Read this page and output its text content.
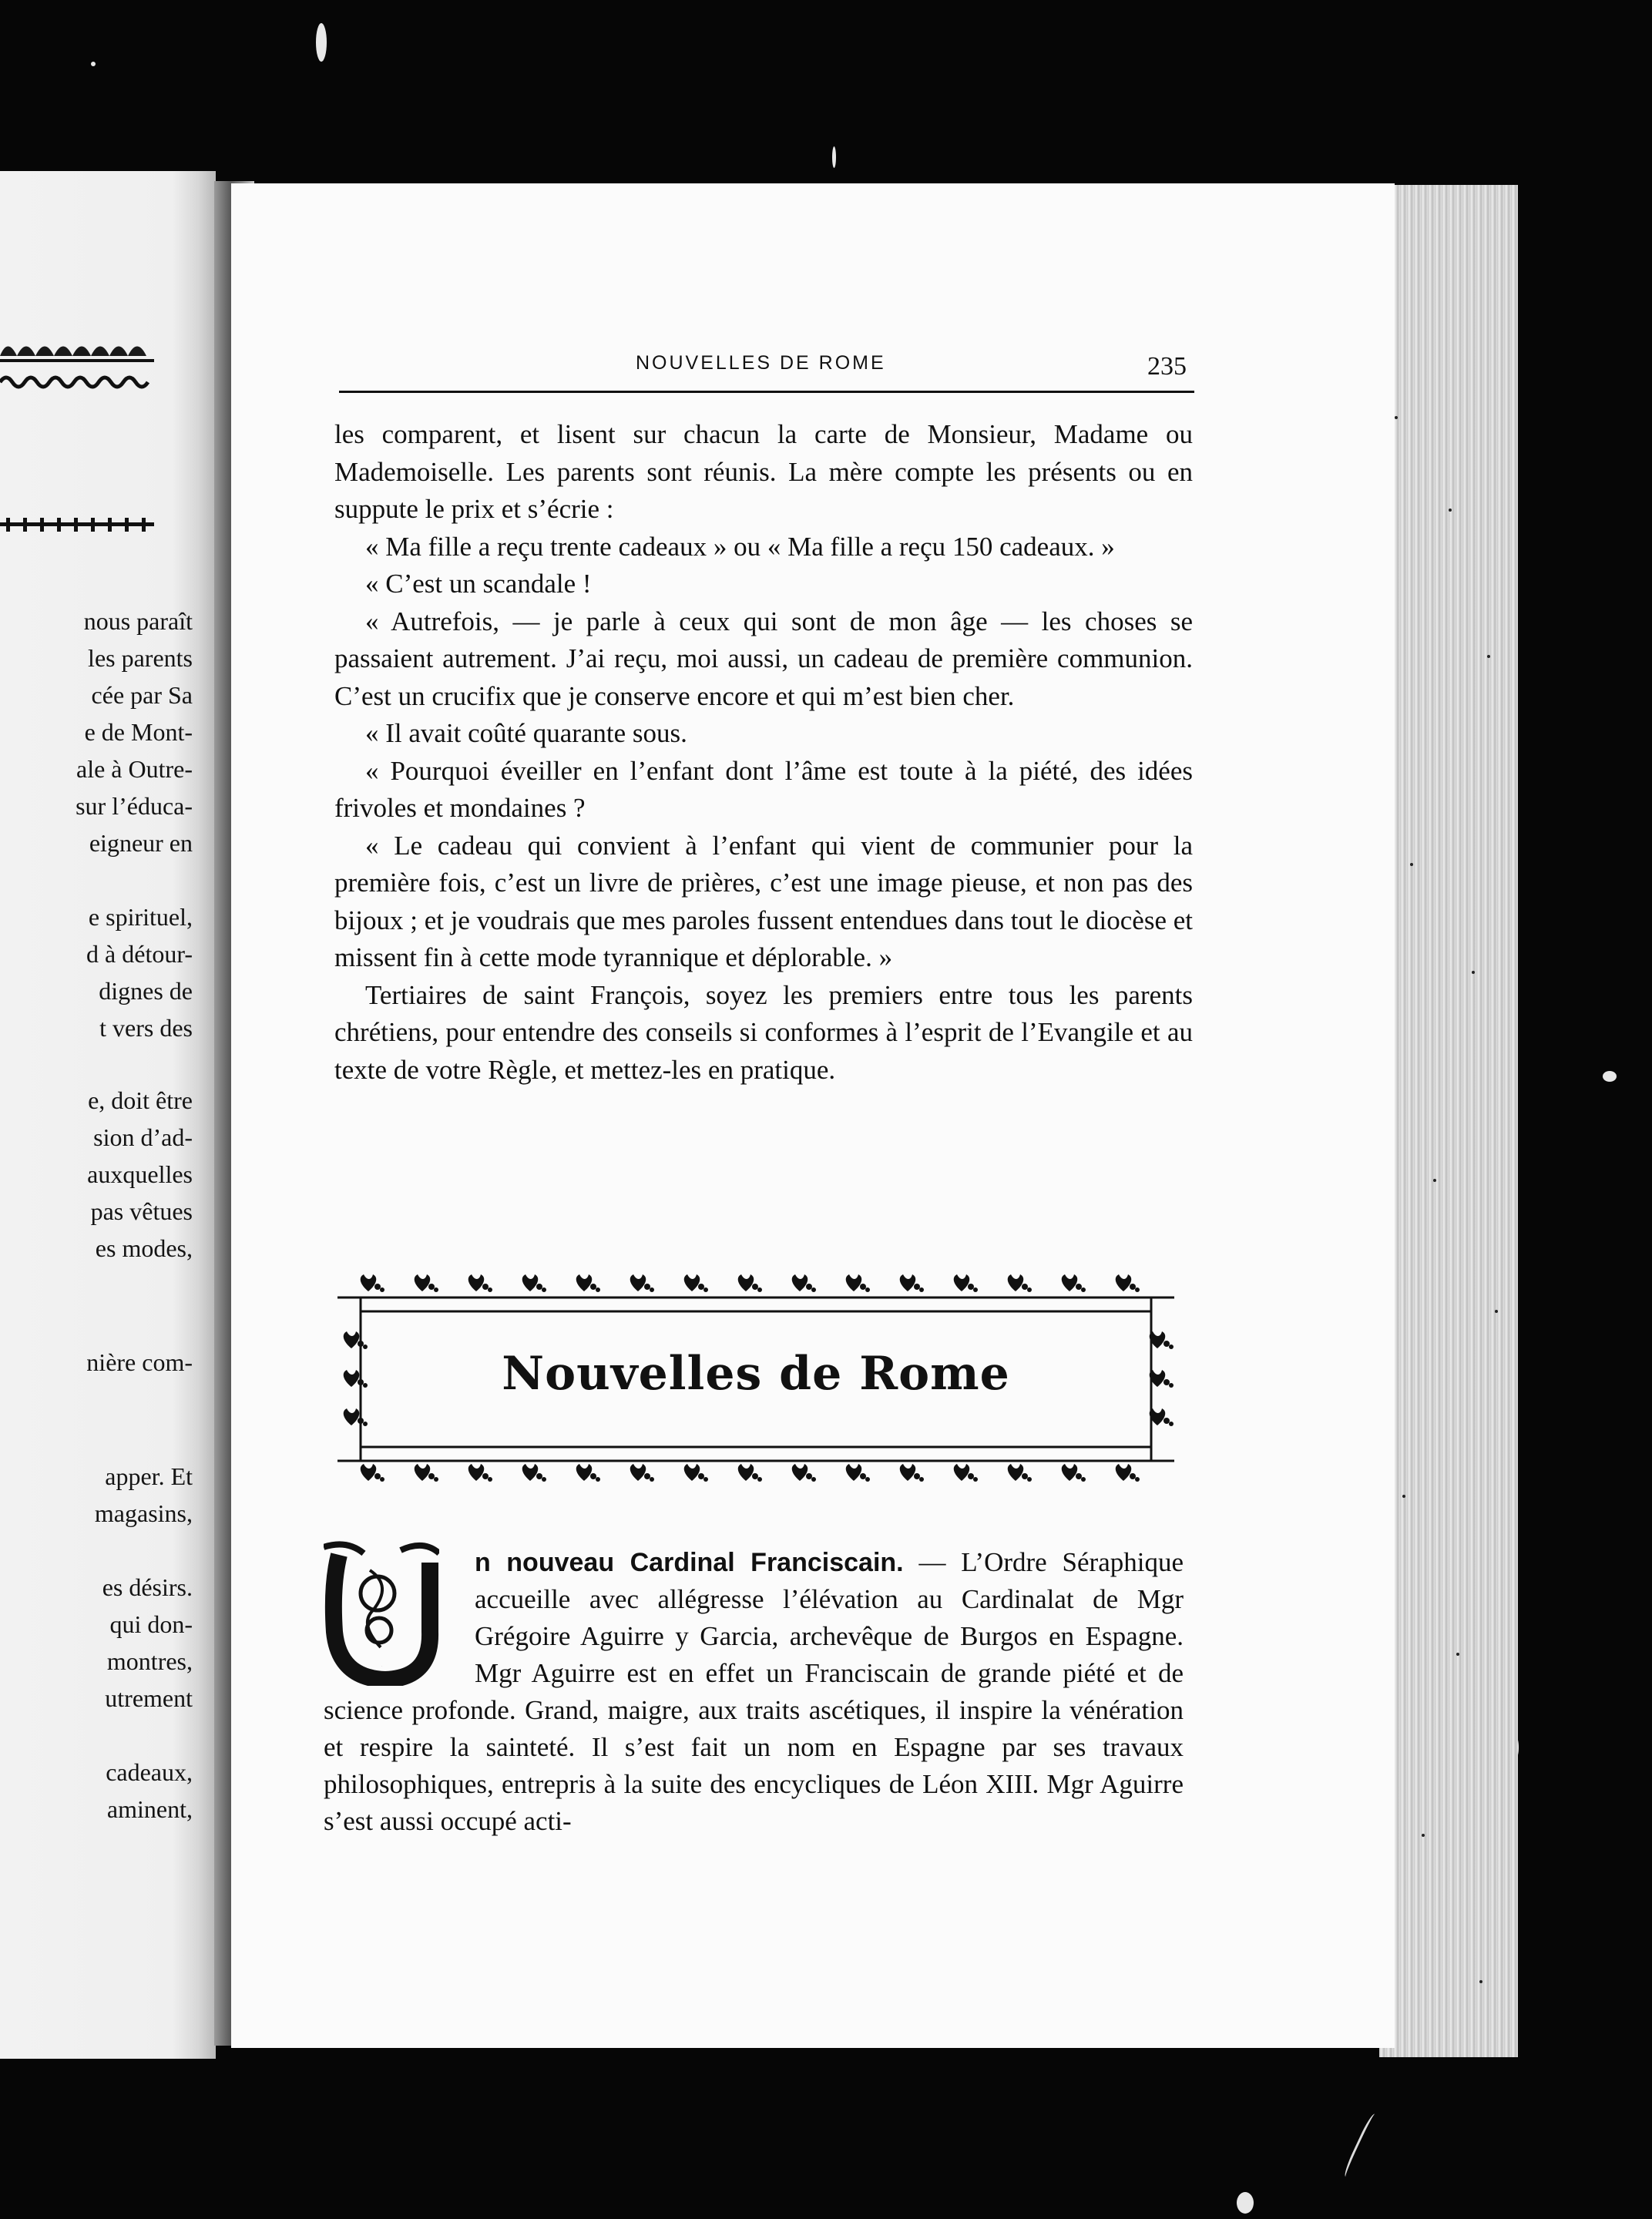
nous paraît
les parents
cée par Sa
e de Mont-
ale à Outre-
sur l’éduca-
eigneur en
e spirituel,
d à détour-
dignes de
t vers des
e, doit être
sion d’ad-
auxquelles
pas vêtues
es modes,
nière com-
apper. Et
magasins,
es désirs.
qui don-
montres,
utrement
cadeaux,
aminent,
NOUVELLES DE ROME	235

les comparent, et lisent sur chacun la carte de Monsieur, Madame ou Mademoiselle. Les parents sont réunis. La mère compte les présents ou en suppute le prix et s’écrie :

« Ma fille a reçu trente cadeaux » ou « Ma fille a reçu 150 cadeaux. »

« C’est un scandale !

« Autrefois, — je parle à ceux qui sont de mon âge — les choses se passaient autrement. J’ai reçu, moi aussi, un cadeau de première communion. C’est un crucifix que je conserve encore et qui m’est bien cher.

« Il avait coûté quarante sous.

« Pourquoi éveiller en l’enfant dont l’âme est toute à la piété, des idées frivoles et mondaines ?

« Le cadeau qui convient à l’enfant qui vient de communier pour la première fois, c’est un livre de prières, c’est une image pieuse, et non pas des bijoux ; et je voudrais que mes paroles fussent entendues dans tout le diocèse et missent fin à cette mode tyrannique et déplorable. »

Tertiaires de saint François, soyez les premiers entre tous les parents chrétiens, pour entendre des conseils si conformes à l’esprit de l’Evangile et au texte de votre Règle, et mettez-les en pratique.

Nouvelles de Rome
U
n nouveau Cardinal Franciscain. — L’Ordre Séraphique accueille avec allégresse l’élévation au Cardinalat de Mgr Grégoire Aguirre y Garcia, archevêque de Burgos en Espagne. Mgr Aguirre est en effet un Franciscain de grande piété et de science profonde. Grand, maigre, aux traits ascétiques, il inspire la vénération et respire la sainteté. Il s’est fait un nom en Espagne par ses travaux philosophiques, entrepris à la suite des encycliques de Léon XIII. Mgr Aguirre s’est aussi occupé acti-
